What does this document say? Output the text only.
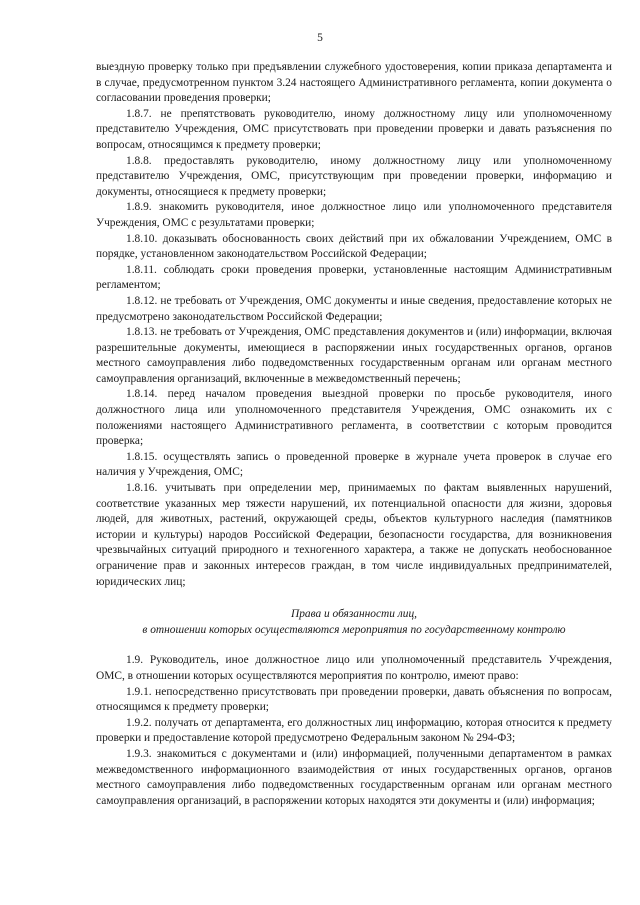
5

выездную проверку только при предъявлении служебного удостоверения, копии приказа департамента и в случае, предусмотренном пунктом 3.24 настоящего Административного регламента, копии документа о согласовании проведения проверки;

1.8.7. не препятствовать руководителю, иному должностному лицу или уполномоченному представителю Учреждения, ОМС присутствовать при проведении проверки и давать разъяснения по вопросам, относящимся к предмету проверки;

1.8.8. предоставлять руководителю, иному должностному лицу или уполномоченному представителю Учреждения, ОМС, присутствующим при проведении проверки, информацию и документы, относящиеся к предмету проверки;

1.8.9. знакомить руководителя, иное должностное лицо или уполномоченного представителя Учреждения, ОМС с результатами проверки;

1.8.10. доказывать обоснованность своих действий при их обжаловании Учреждением, ОМС в порядке, установленном законодательством Российской Федерации;

1.8.11. соблюдать сроки проведения проверки, установленные настоящим Административным регламентом;

1.8.12. не требовать от Учреждения, ОМС документы и иные сведения, предоставление которых не предусмотрено законодательством Российской Федерации;

1.8.13. не требовать от Учреждения, ОМС представления документов и (или) информации, включая разрешительные документы, имеющиеся в распоряжении иных государственных органов, органов местного самоуправления либо подведомственных государственным органам или органам местного самоуправления организаций, включенные в межведомственный перечень;

1.8.14. перед началом проведения выездной проверки по просьбе руководителя, иного должностного лица или уполномоченного представителя Учреждения, ОМС ознакомить их с положениями настоящего Административного регламента, в соответствии с которым проводится проверка;

1.8.15. осуществлять запись о проведенной проверке в журнале учета проверок в случае его наличия у Учреждения, ОМС;

1.8.16. учитывать при определении мер, принимаемых по фактам выявленных нарушений, соответствие указанных мер тяжести нарушений, их потенциальной опасности для жизни, здоровья людей, для животных, растений, окружающей среды, объектов культурного наследия (памятников истории и культуры) народов Российской Федерации, безопасности государства, для возникновения чрезвычайных ситуаций природного и техногенного характера, а также не допускать необоснованное ограничение прав и законных интересов граждан, в том числе индивидуальных предпринимателей, юридических лиц;

Права и обязанности лиц,

в отношении которых осуществляются мероприятия по государственному контролю

1.9. Руководитель, иное должностное лицо или уполномоченный представитель Учреждения, ОМС, в отношении которых осуществляются мероприятия по контролю, имеют право:

1.9.1. непосредственно присутствовать при проведении проверки, давать объяснения по вопросам, относящимся к предмету проверки;

1.9.2. получать от департамента, его должностных лиц информацию, которая относится к предмету проверки и предоставление которой предусмотрено Федеральным законом № 294-ФЗ;

1.9.3. знакомиться с документами и (или) информацией, полученными департаментом в рамках межведомственного информационного взаимодействия от иных государственных органов, органов местного самоуправления либо подведомственных государственным органам или органам местного самоуправления организаций, в распоряжении которых находятся эти документы и (или) информация;
